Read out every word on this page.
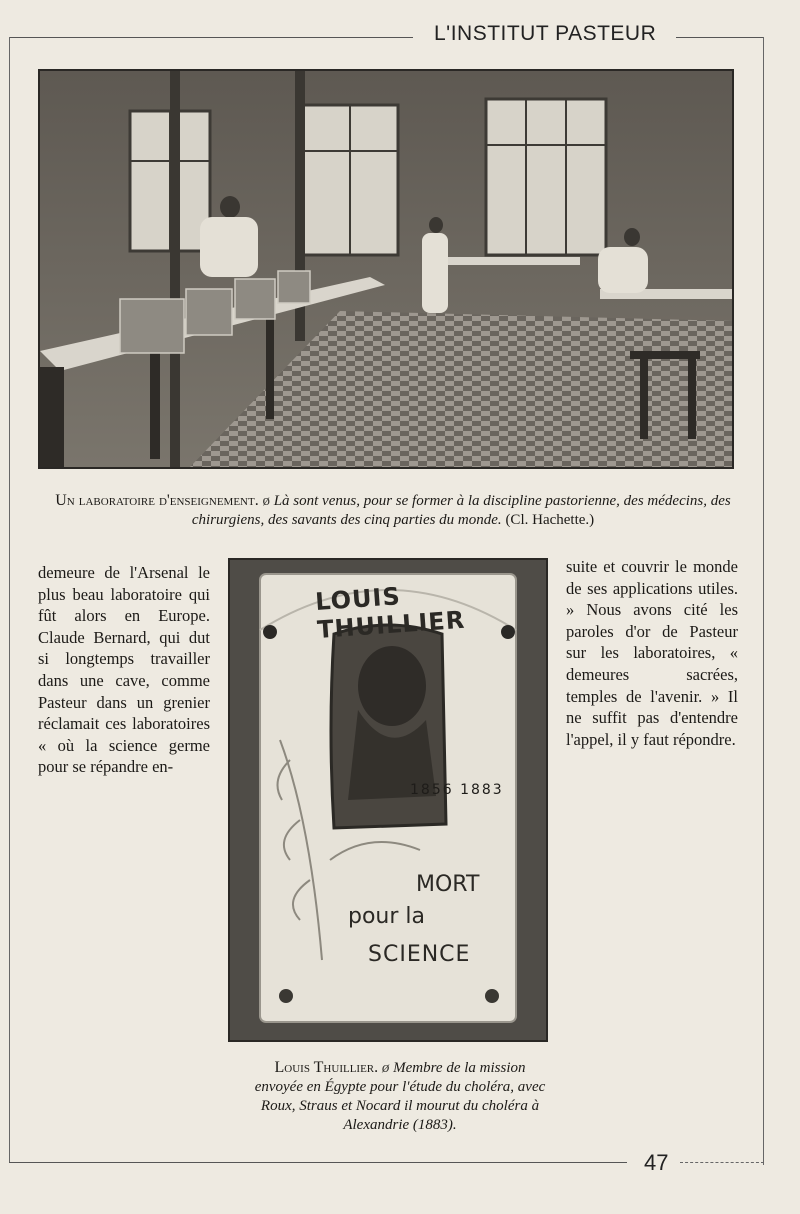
L'INSTITUT PASTEUR
Un laboratoire d'enseignement. ø Là sont venus, pour se former à la discipline pastorienne, des médecins, des chirurgiens, des savants des cinq parties du monde. (Cl. Hachette.)
demeure de l'Arsenal le plus beau laboratoire qui fût alors en Europe. Claude Bernard, qui dut si longtemps travailler dans une cave, comme Pasteur dans un grenier réclamait ces laboratoires « où la science germe pour se répandre en-
suite et couvrir le monde de ses applications utiles. » Nous avons cité les paroles d'or de Pasteur sur les laboratoires, « demeures sacrées, temples de l'avenir. » Il ne suffit pas d'entendre l'appel, il y faut répondre.
LOUIS THUILLIER
1856 1883
MORT
pour la
SCIENCE
Louis Thuillier. ø Membre de la mission envoyée en Égypte pour l'étude du choléra, avec Roux, Straus et Nocard il mourut du choléra à Alexandrie (1883).
47
